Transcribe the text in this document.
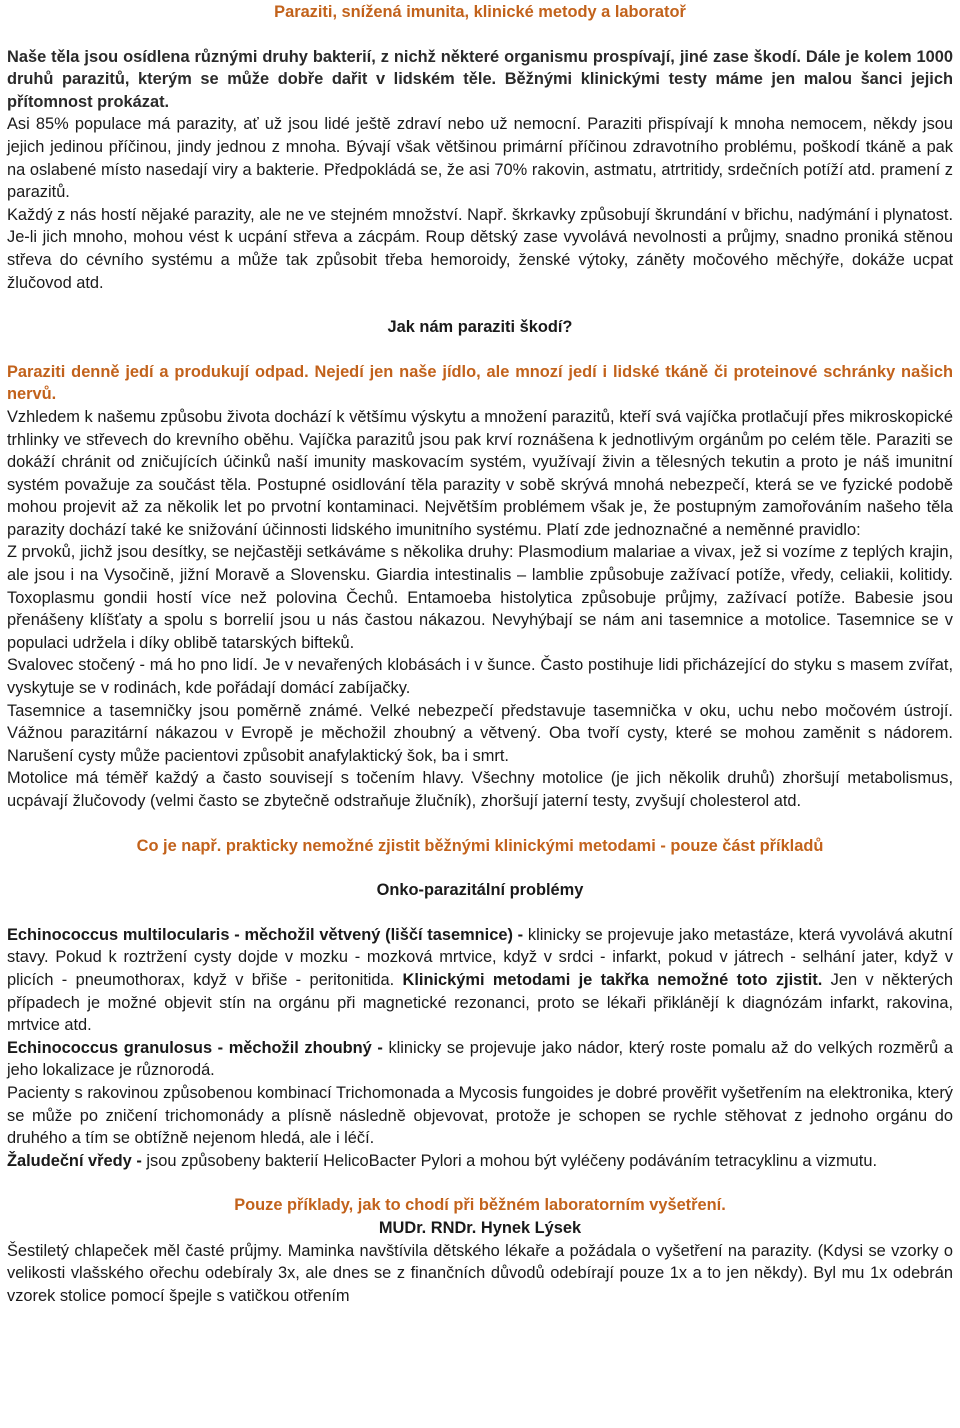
Paraziti, snížená imunita, klinické metody a laboratoř

Naše těla jsou osídlena různými druhy bakterií, z nichž některé organismu prospívají, jiné zase škodí. Dále je kolem 1000 druhů parazitů, kterým se může dobře dařit v lidském těle. Běžnými klinickými testy máme jen malou šanci jejich přítomnost prokázat.

Asi 85% populace má parazity, ať už jsou lidé ještě zdraví nebo už nemocní. Paraziti přispívají k mnoha nemocem, někdy jsou jejich jedinou příčinou, jindy jednou z mnoha. Bývají však většinou primární příčinou zdravotního problému, poškodí tkáně a pak na oslabené místo nasedají viry a bakterie. Předpokládá se, že asi 70% rakovin, astmatu, atrtritidy, srdečních potíží atd. pramení z parazitů.

Každý z nás hostí nějaké parazity, ale ne ve stejném množství. Např. škrkavky způsobují škrundání v břichu, nadýmání i plynatost. Je-li jich mnoho, mohou vést k ucpání střeva a zácpám. Roup dětský zase vyvolává nevolnosti a průjmy, snadno proniká stěnou střeva do cévního systému a může tak způsobit třeba hemoroidy, ženské výtoky, záněty močového měchýře, dokáže ucpat žlučovod atd.

Jak nám paraziti škodí?

Paraziti denně jedí a produkují odpad. Nejedí jen naše jídlo, ale mnozí jedí i lidské tkáně či proteinové schránky našich nervů.

Vzhledem k našemu způsobu života dochází k většímu výskytu a množení parazitů, kteří svá vajíčka protlačují přes mikroskopické trhlinky ve střevech do krevního oběhu. Vajíčka parazitů jsou pak krví roznášena k jednotlivým orgánům po celém těle. Paraziti se dokáží chránit od zničujících účinků naší imunity maskovacím systém, využívají živin a tělesných tekutin a proto je náš imunitní systém považuje za součást těla. Postupné osidlování těla parazity v sobě skrývá mnohá nebezpečí, která se ve fyzické podobě mohou projevit až za několik let po prvotní kontaminaci. Největším problémem však je, že postupným zamořováním našeho těla parazity dochází také ke snižování účinnosti lidského imunitního systému. Platí zde jednoznačné a neměnné pravidlo:

Z prvoků, jichž jsou desítky, se nejčastěji setkáváme s několika druhy: Plasmodium malariae a vivax, jež si vozíme z teplých krajin, ale jsou i na Vysočině, jižní Moravě a Slovensku. Giardia intestinalis – lamblie způsobuje zažívací potíže, vředy, celiakii, kolitidy. Toxoplasmu gondii hostí více než polovina Čechů. Entamoeba histolytica způsobuje průjmy, zažívací potíže. Babesie jsou přenášeny klíšťaty a spolu s borrelií jsou u nás častou nákazou. Nevyhýbají se nám ani tasemnice a motolice. Tasemnice se v populaci udržela i díky oblibě tatarských bifteků.

Svalovec stočený - má ho pno lidí. Je v nevařených klobásách i v šunce. Často postihuje lidi přicházející do styku s masem zvířat, vyskytuje se v rodinách, kde pořádají domácí zabíjačky.

Tasemnice a tasemničky jsou poměrně známé. Velké nebezpečí představuje tasemnička v oku, uchu nebo močovém ústrojí. Vážnou parazitární nákazou v Evropě je měchožil zhoubný a větvený. Oba tvoří cysty, které se mohou zaměnit s nádorem. Narušení cysty může pacientovi způsobit anafylaktický šok, ba i smrt.

Motolice má téměř každý a často souvisejí s točením hlavy. Všechny motolice (je jich několik druhů) zhoršují metabolismus, ucpávají žlučovody (velmi často se zbytečně odstraňuje žlučník), zhoršují jaterní testy, zvyšují cholesterol atd.

Co je např. prakticky nemožné zjistit běžnými klinickými metodami - pouze část příkladů

Onko-parazitální problémy

Echinococcus multilocularis - měchožil větvený (liščí tasemnice) - klinicky se projevuje jako metastáze, která vyvolává akutní stavy. Pokud k roztržení cysty dojde v mozku - mozková mrtvice, když v srdci - infarkt, pokud v játrech - selhání jater, když v plicích - pneumothorax, když v břiše - peritonitida. Klinickými metodami je takřka nemožné toto zjistit. Jen v některých případech je možné objevit stín na orgánu při magnetické rezonanci, proto se lékaři přiklánějí k diagnózám infarkt, rakovina, mrtvice atd.

Echinococcus granulosus - měchožil zhoubný - klinicky se projevuje jako nádor, který roste pomalu až do velkých rozměrů a jeho lokalizace je různorodá.

Pacienty s rakovinou způsobenou kombinací Trichomonada a Mycosis fungoides je dobré prověřit vyšetřením na elektronika, který se může po zničení trichomonády a plísně následně objevovat, protože je schopen se rychle stěhovat z jednoho orgánu do druhého a tím se obtížně nejenom hledá, ale i léčí.

Žaludeční vředy - jsou způsobeny bakterií HelicoBacter Pylori a mohou být vyléčeny podáváním tetracyklinu a vizmutu.

Pouze příklady, jak to chodí při běžném laboratorním vyšetření.

MUDr. RNDr. Hynek Lýsek

Šestiletý chlapeček měl časté průjmy. Maminka navštívila dětského lékaře a požádala o vyšetření na parazity. (Kdysi se vzorky o velikosti vlašského ořechu odebíraly 3x, ale dnes se z finančních důvodů odebírají pouze 1x a to jen někdy). Byl mu 1x odebrán vzorek stolice pomocí špejle s vatičkou otřením
